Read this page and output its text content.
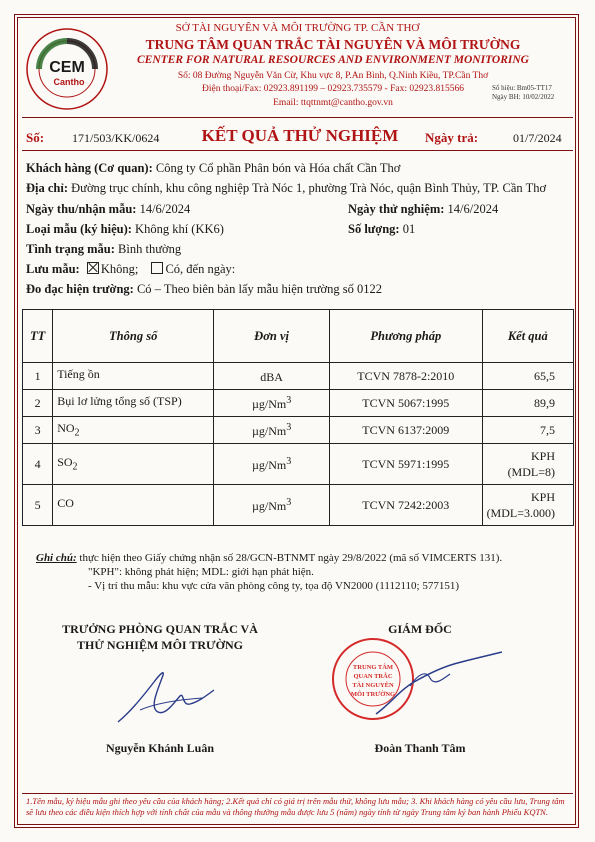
CEM
Cantho
SỞ TÀI NGUYÊN VÀ MÔI TRƯỜNG TP. CẦN THƠ
TRUNG TÂM QUAN TRẮC TÀI NGUYÊN VÀ MÔI TRƯỜNG
CENTER FOR NATURAL RESOURCES AND ENVIRONMENT MONITORING
Số: 08 Đường Nguyễn Văn Cừ, Khu vực 8, P.An Bình, Q.Ninh Kiều, TP.Cần Thơ
Điện thoại/Fax: 02923.891199 – 02923.735579 - Fax: 02923.815566
Email: ttqttnmt@cantho.gov.vn
Số hiệu: Bm05-TT17
Ngày BH: 10/02/2022
Số: 171/503/KK/0624	KẾT QUẢ THỬ NGHIỆM	Ngày trả:	01/7/2024
Khách hàng (Cơ quan): Công ty Cổ phần Phân bón và Hóa chất Cần Thơ
Địa chỉ: Đường trục chính, khu công nghiệp Trà Nóc 1, phường Trà Nóc, quận Bình Thủy, TP. Cần Thơ
Ngày thu/nhận mẫu: 14/6/2024	Ngày thử nghiệm: 14/6/2024
Loại mẫu (ký hiệu): Không khí (KK6)	Số lượng: 01
Tình trạng mẫu: Bình thường
Lưu mẫu: Không; Có, đến ngày:
Đo đạc hiện trường: Có – Theo biên bản lấy mẫu hiện trường số 0122
TT	Thông số	Đơn vị	Phương pháp	Kết quả
1	Tiếng ồn	dBA	TCVN 7878-2:2010	65,5

2	Bụi lơ lửng tổng số (TSP)	µg/Nm$^3$	TCVN 5067:1995	89,9

3	$NO_2$	µg/Nm$^3$	TCVN 6137:2009	7,5

4	$SO_2$	µg/Nm$^3$	TCVN 5971:1995	KPH
(MDL=8)

5	CO	µg/Nm$^3$	TCVN 7242:2003	KPH
(MDL=3.000)
Ghi chú: thực hiện theo Giấy chứng nhận số 28/GCN-BTNMT ngày 29/8/2022 (mã số VIMCERTS 131).
"KPH": không phát hiện; MDL: giới hạn phát hiện.
- Vị trí thu mẫu: khu vực cửa văn phòng công ty, tọa độ VN2000 (1112110; 577151)
TRƯỞNG PHÒNG QUAN TRẮC VÀ
THỬ NGHIỆM MÔI TRƯỜNG
GIÁM ĐỐC
TRUNG TÂM
QUAN TRẮC
TÀI NGUYÊN
MÔI TRƯỜNG
Nguyễn Khánh Luân	Đoàn Thanh Tâm
1.Tên mẫu, ký hiệu mẫu ghi theo yêu cầu của khách hàng; 2.Kết quả chỉ có giá trị trên mẫu thử, không lưu mẫu; 3. Khi khách hàng có yêu cầu lưu, Trung tâm sẽ lưu theo các điều kiện thích hợp với tính chất của mẫu và thông thường mẫu được lưu 5 (năm) ngày tính từ ngày Trung tâm ký ban hành Phiếu KQTN.
